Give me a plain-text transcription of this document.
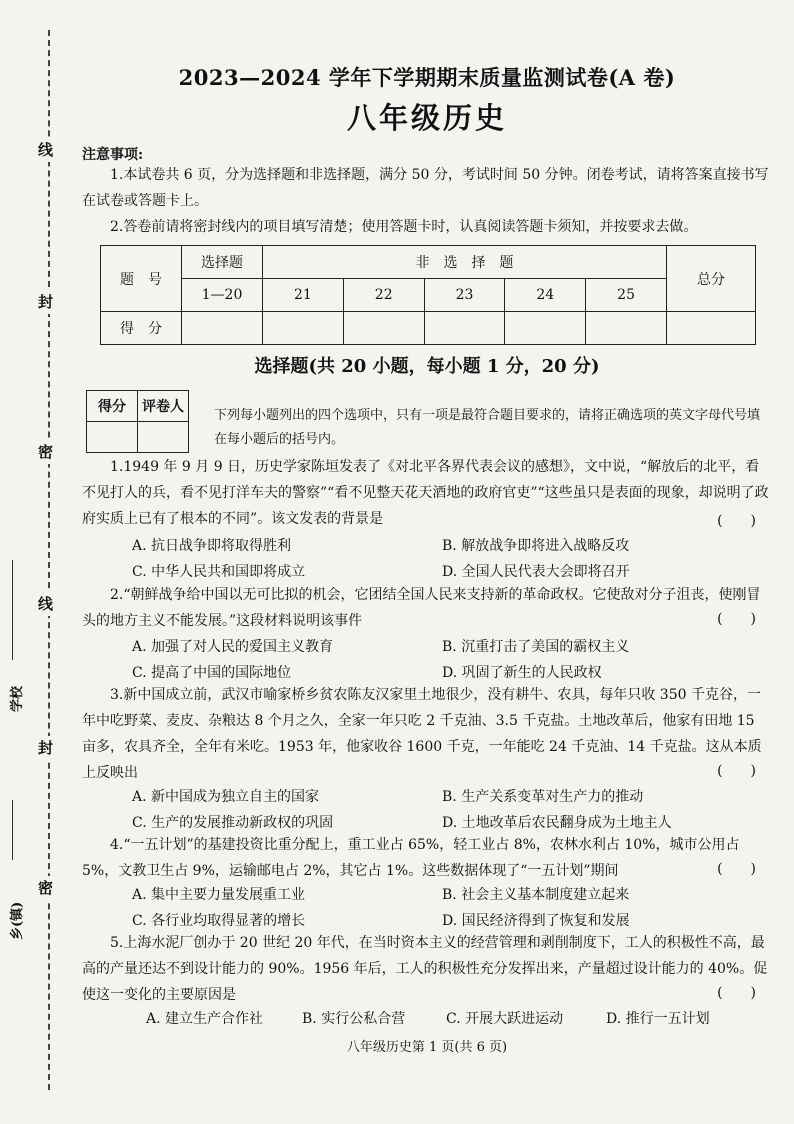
线
封
密
线
封
密
学校
乡(镇)
2023—2024 学年下学期期末质量监测试卷(A 卷)
八年级历史
注意事项:
1.本试卷共 6 页，分为选择题和非选择题，满分 50 分，考试时间 50 分钟。闭卷考试，请将答案直接书写在试卷或答题卡上。
2.答卷前请将密封线内的项目填写清楚；使用答题卡时，认真阅读答题卡须知，并按要求去做。
题　号	选择题	非　选　择　题					总分
	1—20	21	22	23	24	25	
得　分							
选择题(共 20 小题，每小题 1 分，20 分)
得分	评卷人

下列每小题列出的四个选项中，只有一项是最符合题目要求的，请将正确选项的英文字母代号填在每小题后的括号内。
1.1949 年 9 月 9 日，历史学家陈垣发表了《对北平各界代表会议的感想》，文中说，“解放后的北平，看不见打人的兵，看不见打洋车夫的警察”“看不见整天花天酒地的政府官吏”“这些虽只是表面的现象，却说明了政府实质上已有了根本的不同”。该文发表的背景是	(　　)
A. 抗日战争即将取得胜利	B. 解放战争即将进入战略反攻
C. 中华人民共和国即将成立	D. 全国人民代表大会即将召开
2.“朝鲜战争给中国以无可比拟的机会，它团结全国人民来支持新的革命政权。它使敌对分子沮丧，使刚冒头的地方主义不能发展。”这段材料说明该事件	(　　)
A. 加强了对人民的爱国主义教育	B. 沉重打击了美国的霸权主义
C. 提高了中国的国际地位	D. 巩固了新生的人民政权
3.新中国成立前，武汉市喻家桥乡贫农陈友汉家里土地很少，没有耕牛、农具，每年只收 350 千克谷，一年中吃野菜、麦皮、杂粮达 8 个月之久，全家一年只吃 2 千克油、3.5 千克盐。土地改革后，他家有田地 15 亩多，农具齐全，全年有米吃。1953 年，他家收谷 1600 千克，一年能吃 24 千克油、14 千克盐。这从本质上反映出	(　　)
A. 新中国成为独立自主的国家	B. 生产关系变革对生产力的推动
C. 生产的发展推动新政权的巩固	D. 土地改革后农民翻身成为土地主人
4.“一五计划”的基建投资比重分配上，重工业占 65%，轻工业占 8%，农林水利占 10%，城市公用占 5%，文教卫生占 9%，运输邮电占 2%，其它占 1%。这些数据体现了“一五计划”期间	(　　)
A. 集中主要力量发展重工业	B. 社会主义基本制度建立起来
C. 各行业均取得显著的增长	D. 国民经济得到了恢复和发展
5.上海水泥厂创办于 20 世纪 20 年代，在当时资本主义的经营管理和剥削制度下，工人的积极性不高，最高的产量还达不到设计能力的 90%。1956 年后，工人的积极性充分发挥出来，产量超过设计能力的 40%。促使这一变化的主要原因是	(　　)
A. 建立生产合作社	B. 实行公私合营	C. 开展大跃进运动	D. 推行一五计划
八年级历史第 1 页(共 6 页)
